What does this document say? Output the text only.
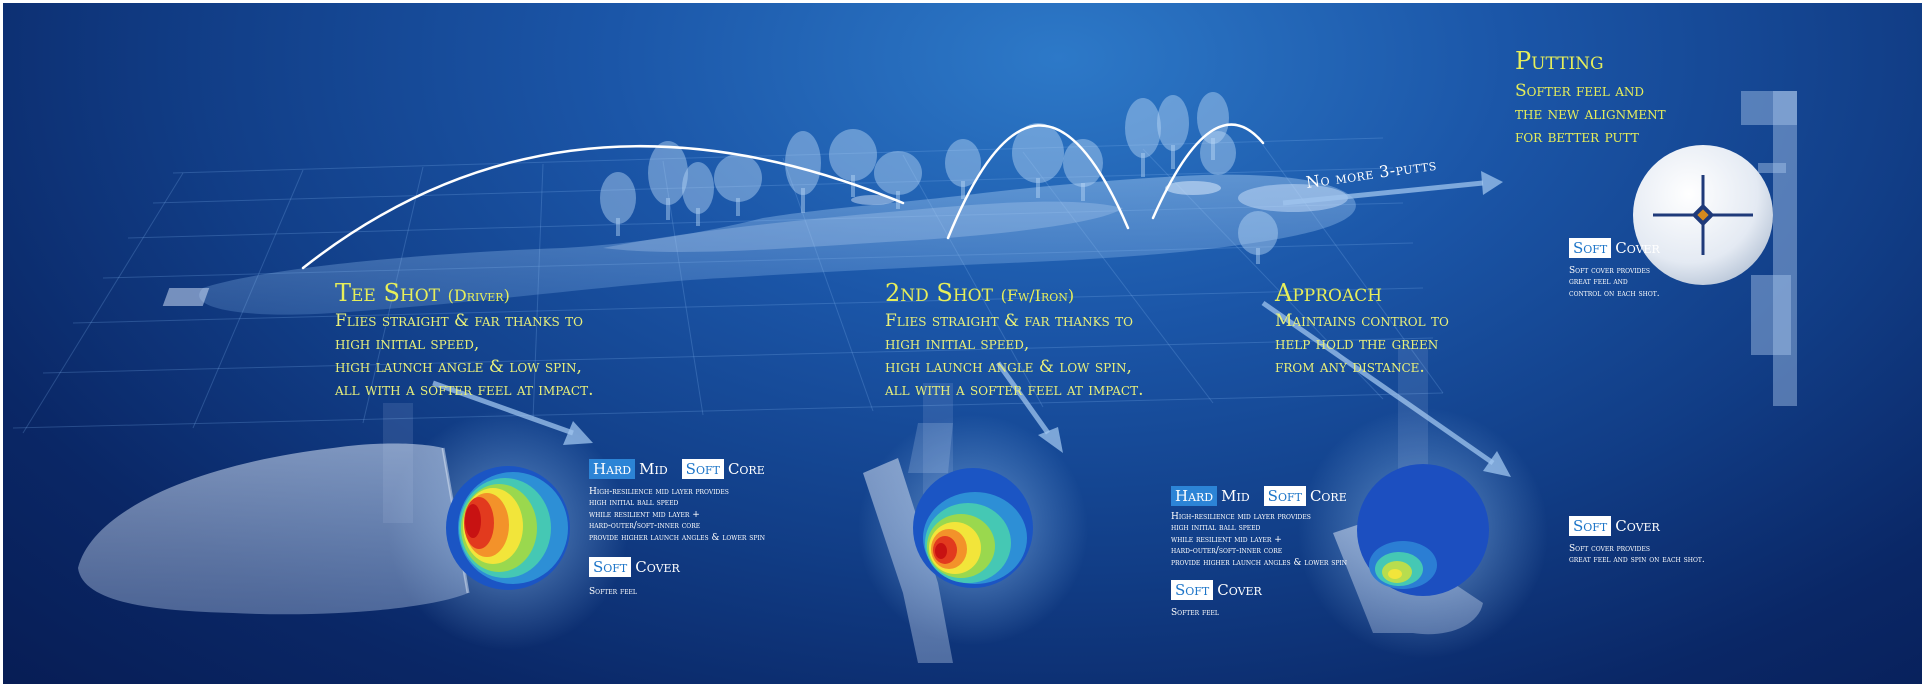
Tee Shot (Driver)
Flies straight & far thanks to
high initial speed,
high launch angle & low spin,
all with a softer feel at impact.
Hard Mid Soft Core
High-resilience mid layer provides
high initial ball speed
while resilient mid layer +
hard-outer/soft-inner core
provide higher launch angles & lower spin
Soft Cover
Softer feel
2nd Shot (Fw/Iron)
Flies straight & far thanks to
high initial speed,
high launch angle & low spin,
all with a softer feel at impact.
Approach
Maintains control to
help hold the green
from any distance.
Hard Mid Soft Core
High-resilience mid layer provides
high initial ball speed
while resilient mid layer +
hard-outer/soft-inner core
provide higher launch angles & lower spin
Soft Cover
Softer feel
Soft Cover
Soft cover provides
great feel and spin on each shot.
No more 3-putts
Putting
Softer feel and
the new alignment
for better putt
Soft Cover
Soft cover provides
great feel and
control on each shot.
